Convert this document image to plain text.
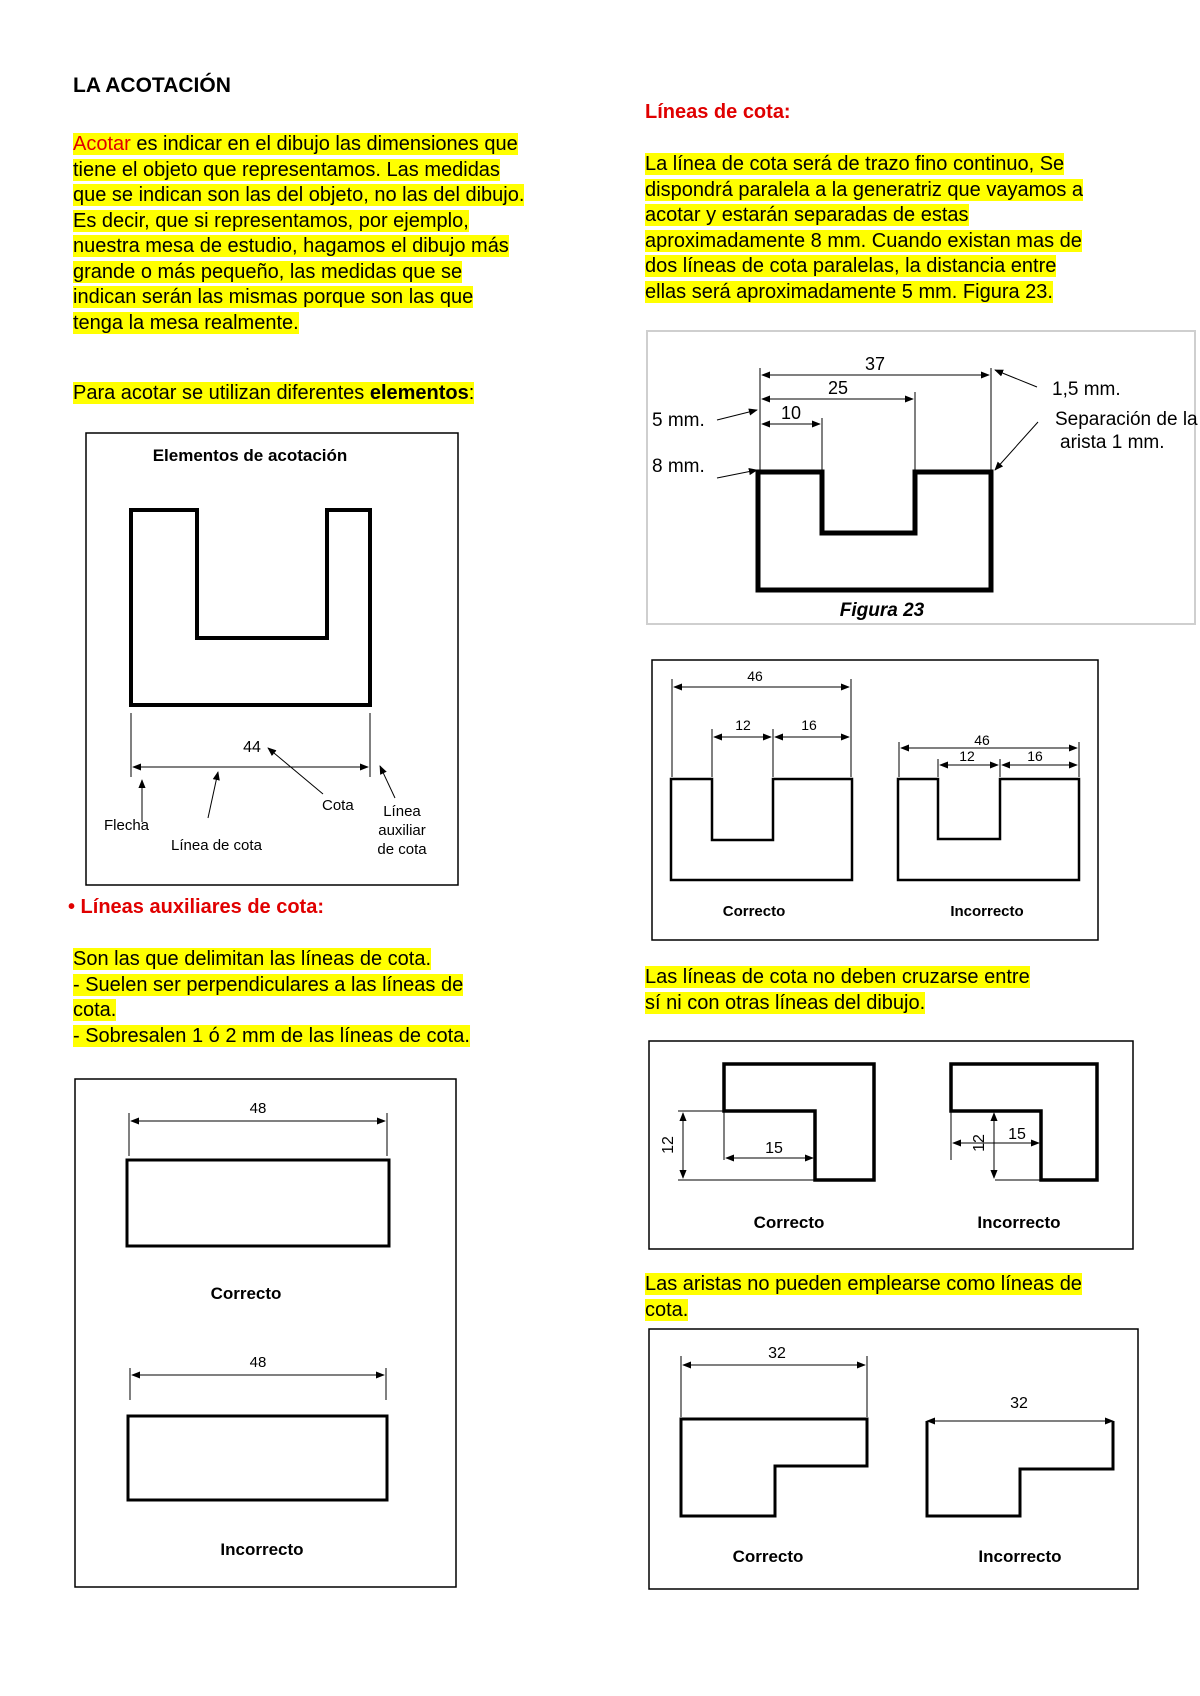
LA ACOTACIÓN
Acotar es indicar en el dibujo las dimensiones que
tiene el objeto que representamos. Las medidas
que se indican son las del objeto, no las del dibujo.
Es decir, que si representamos, por ejemplo,
nuestra mesa de estudio, hagamos el dibujo más
grande o más pequeño, las medidas que se
indican serán las mismas porque son las que
tenga la mesa realmente.
Para acotar se utilizan diferentes elementos:
Elementos de acotación
44
Flecha
Línea de cota
Cota Línea
auxiliar
de cota
• Líneas auxiliares de cota:
Son las que delimitan las líneas de cota.
- Suelen ser perpendiculares a las líneas de
cota.
- Sobresalen 1 ó 2 mm de las líneas de cota.
48
Correcto
48
Incorrecto
Líneas de cota:
La línea de cota será de trazo fino continuo, Se
dispondrá paralela a la generatriz que vayamos a
acotar y estarán separadas de estas
aproximadamente 8 mm. Cuando existan mas de
dos líneas de cota paralelas, la distancia entre
ellas será aproximadamente 5 mm. Figura 23.
37
25
10
5 mm.
8 mm.
1,5 mm.
Separación de la
arista 1 mm.
Figura 23
46
12	16
Correcto
46
12	16
Incorrecto
Las líneas de cota no deben cruzarse entre
sí ni con otras líneas del dibujo.
12	15
Correcto
12 15
Incorrecto
Las aristas no pueden emplearse como líneas de
cota.
32
Correcto
32
Incorrecto
